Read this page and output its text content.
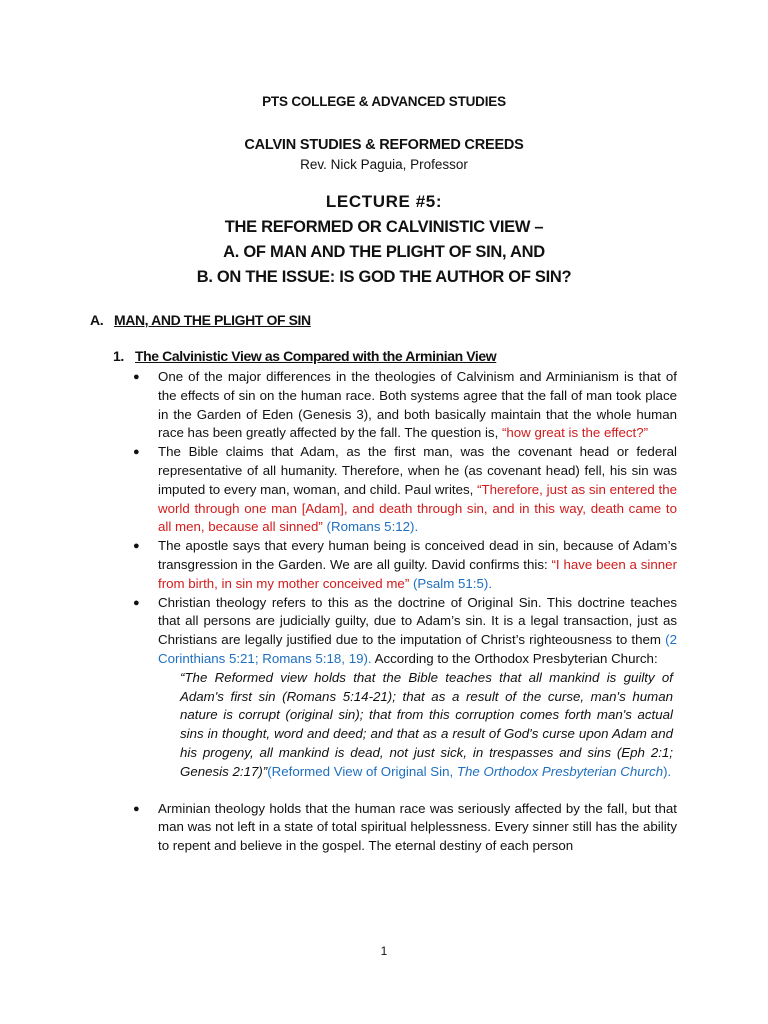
PTS COLLEGE & ADVANCED STUDIES
CALVIN STUDIES & REFORMED CREEDS
Rev. Nick Paguia, Professor
LECTURE #5:
THE REFORMED OR CALVINISTIC VIEW –
A. OF MAN AND THE PLIGHT OF SIN, AND
B. ON THE ISSUE: IS GOD THE AUTHOR OF SIN?
A. MAN, AND THE PLIGHT OF SIN
1. The Calvinistic View as Compared with the Arminian View

● One of the major differences in the theologies of Calvinism and Arminianism is that of the effects of sin on the human race. Both systems agree that the fall of man took place in the Garden of Eden (Genesis 3), and both basically maintain that the whole human race has been greatly affected by the fall. The question is, “how great is the effect?”

● The Bible claims that Adam, as the first man, was the covenant head or federal representative of all humanity. Therefore, when he (as covenant head) fell, his sin was imputed to every man, woman, and child. Paul writes, “Therefore, just as sin entered the world through one man [Adam], and death through sin, and in this way, death came to all men, because all sinned” (Romans 5:12).

● The apostle says that every human being is conceived dead in sin, because of Adam’s transgression in the Garden. We are all guilty. David confirms this: “I have been a sinner from birth, in sin my mother conceived me” (Psalm 51:5).

● Christian theology refers to this as the doctrine of Original Sin. This doctrine teaches that all persons are judicially guilty, due to Adam’s sin. It is a legal transaction, just as Christians are legally justified due to the imputation of Christ’s righteousness to them (2 Corinthians 5:21; Romans 5:18, 19). According to the Orthodox Presbyterian Church:
“The Reformed view holds that the Bible teaches that all mankind is guilty of Adam's first sin (Romans 5:14-21); that as a result of the curse, man's human nature is corrupt (original sin); that from this corruption comes forth man's actual sins in thought, word and deed; and that as a result of God's curse upon Adam and his progeny, all mankind is dead, not just sick, in trespasses and sins (Eph 2:1; Genesis 2:17)”(Reformed View of Original Sin, The Orthodox Presbyterian Church).

● Arminian theology holds that the human race was seriously affected by the fall, but that man was not left in a state of total spiritual helplessness. Every sinner still has the ability to repent and believe in the gospel. The eternal destiny of each person

1
